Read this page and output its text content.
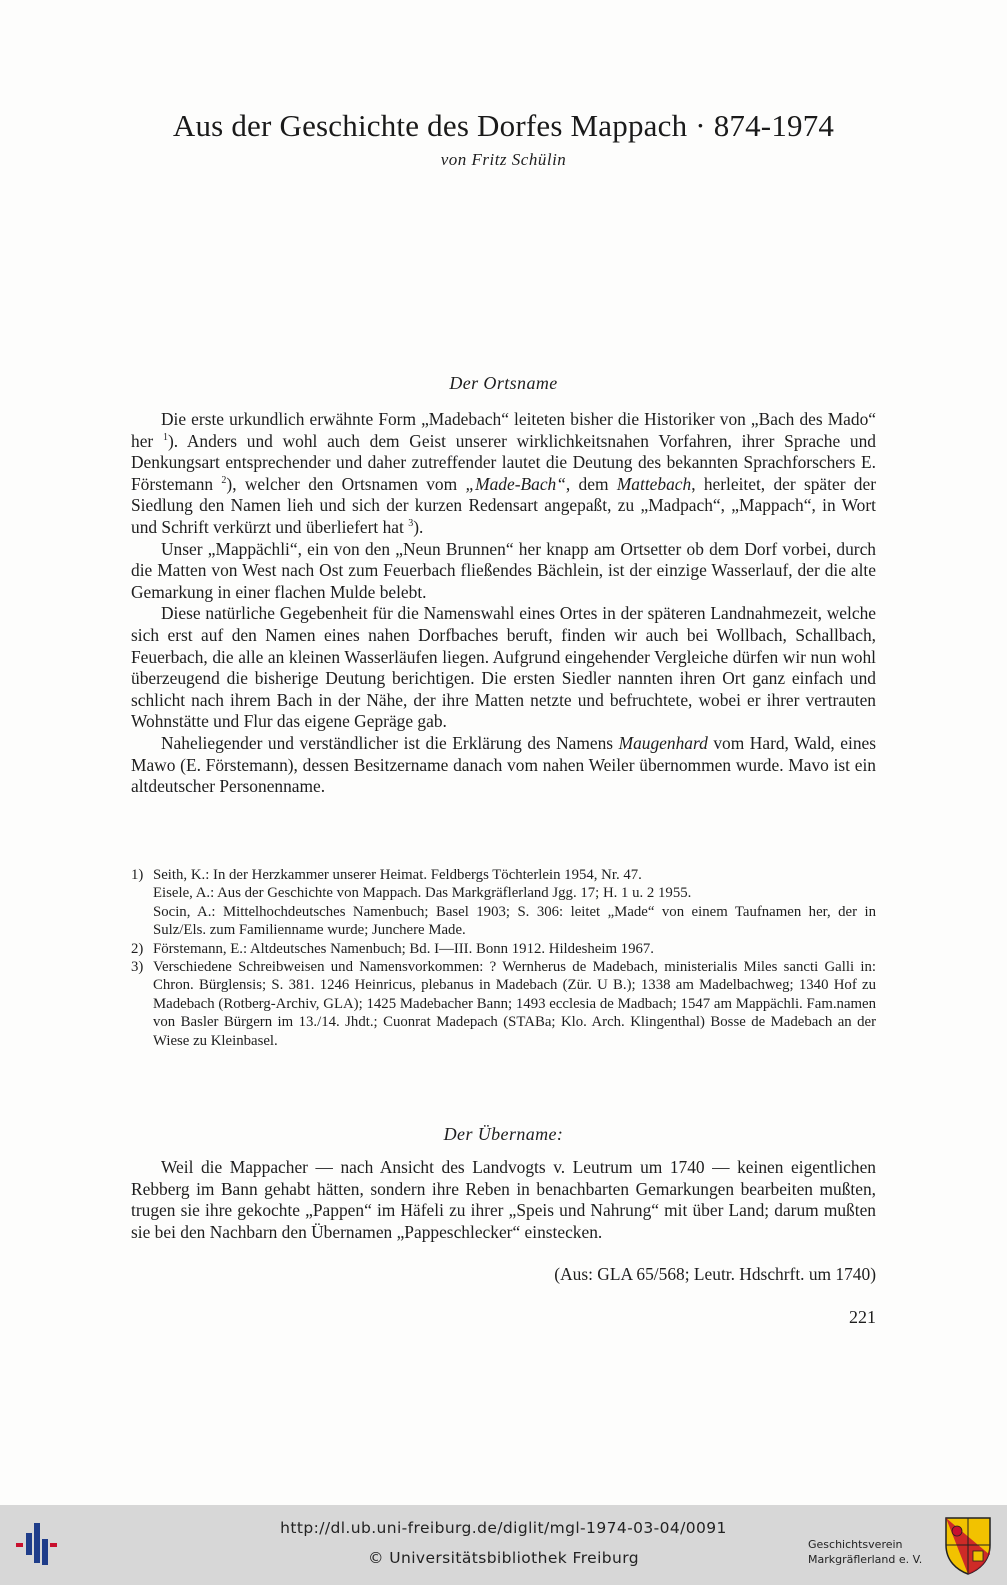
Aus der Geschichte des Dorfes Mappach · 874-1974
von Fritz Schülin
Der Ortsname

Die erste urkundlich erwähnte Form „Madebach“ leiteten bisher die Historiker von „Bach des Mado“ her $^1$). Anders und wohl auch dem Geist unserer wirklichkeitsnahen Vorfahren, ihrer Sprache und Denkungsart entsprechender und daher zutreffender lautet die Deutung des bekannten Sprachforschers E. Förstemann $^2$), welcher den Ortsnamen vom „Made-Bach“, dem Mattebach, herleitet, der später der Siedlung den Namen lieh und sich der kurzen Redensart angepaßt, zu „Madpach“, „Mappach“, in Wort und Schrift verkürzt und überliefert hat $^3$).

Unser „Mappächli“, ein von den „Neun Brunnen“ her knapp am Ortsetter ob dem Dorf vorbei, durch die Matten von West nach Ost zum Feuerbach fließendes Bächlein, ist der einzige Wasserlauf, der die alte Gemarkung in einer flachen Mulde belebt.

Diese natürliche Gegebenheit für die Namenswahl eines Ortes in der späteren Landnahmezeit, welche sich erst auf den Namen eines nahen Dorfbaches beruft, finden wir auch bei Wollbach, Schallbach, Feuerbach, die alle an kleinen Wasserläufen liegen. Aufgrund eingehender Vergleiche dürfen wir nun wohl überzeugend die bisherige Deutung berichtigen. Die ersten Siedler nannten ihren Ort ganz einfach und schlicht nach ihrem Bach in der Nähe, der ihre Matten netzte und befruchtete, wobei er ihrer vertrauten Wohnstätte und Flur das eigene Gepräge gab.

Naheliegender und verständlicher ist die Erklärung des Namens Maugenhard vom Hard, Wald, eines Mawo (E. Förstemann), dessen Besitzername danach vom nahen Weiler übernommen wurde. Mavo ist ein altdeutscher Personenname.

1) Seith, K.: In der Herzkammer unserer Heimat. Feldbergs Töchterlein 1954, Nr. 47.

Eisele, A.: Aus der Geschichte von Mappach. Das Markgräflerland Jgg. 17; H. 1 u. 2 1955.

Socin, A.: Mittelhochdeutsches Namenbuch; Basel 1903; S. 306: leitet „Made“ von einem Taufnamen her, der in Sulz/Els. zum Familienname wurde; Junchere Made.

2) Förstemann, E.: Altdeutsches Namenbuch; Bd. I—III. Bonn 1912. Hildesheim 1967.

3) Verschiedene Schreibweisen und Namensvorkommen: ? Wernherus de Madebach, ministerialis Miles sancti Galli in: Chron. Bürglensis; S. 381. 1246 Heinricus, plebanus in Madebach (Zür. U B.); 1338 am Madelbachweg; 1340 Hof zu Madebach (Rotberg-Archiv, GLA); 1425 Madebacher Bann; 1493 ecclesia de Madbach; 1547 am Mappächli. Fam.namen von Basler Bürgern im 13./14. Jhdt.; Cuonrat Madepach (STABa; Klo. Arch. Klingenthal) Bosse de Madebach an der Wiese zu Kleinbasel.

Der Übername:

Weil die Mappacher — nach Ansicht des Landvogts v. Leutrum um 1740 — keinen eigentlichen Rebberg im Bann gehabt hätten, sondern ihre Reben in benachbarten Gemarkungen bearbeiten mußten, trugen sie ihre gekochte „Pappen“ im Häfeli zu ihrer „Speis und Nahrung“ mit über Land; darum mußten sie bei den Nachbarn den Übernamen „Pappeschlecker“ einstecken.

(Aus: GLA 65/568; Leutr. Hdschrft. um 1740)
221
http://dl.ub.uni-freiburg.de/diglit/mgl-1974-03-04/0091
© Universitätsbibliothek Freiburg
Geschichtsverein
Markgräflerland e. V.
